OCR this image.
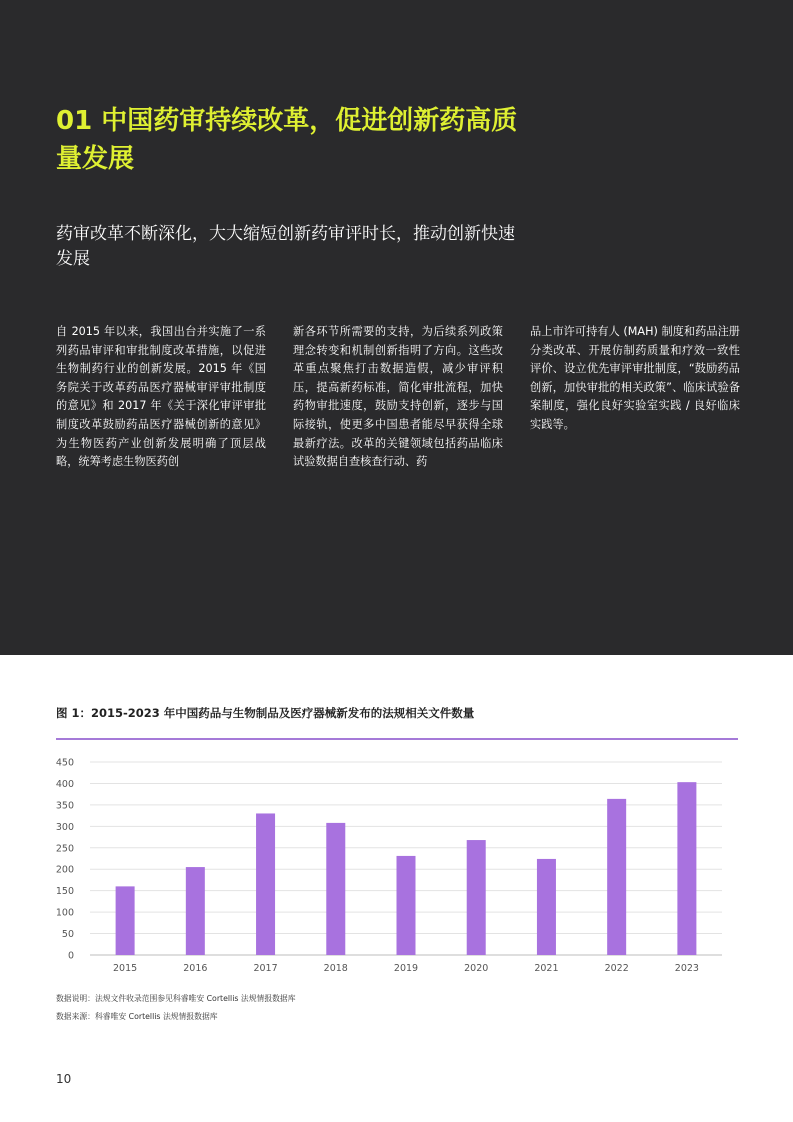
01 中国药审持续改革，促进创新药高质量发展

药审改革不断深化，大大缩短创新药审评时长，推动创新快速发展

自 2015 年以来，我国出台并实施了一系列药品审评和审批制度改革措施，以促进生物制药行业的创新发展。2015 年《国务院关于改革药品医疗器械审评审批制度的意见》和 2017 年《关于深化审评审批制度改革鼓励药品医疗器械创新的意见》为生物医药产业创新发展明确了顶层战略，统筹考虑生物医药创

新各环节所需要的支持，为后续系列政策理念转变和机制创新指明了方向。这些改革重点聚焦打击数据造假，减少审评积压，提高新药标准，简化审批流程，加快药物审批速度，鼓励支持创新，逐步与国际接轨，使更多中国患者能尽早获得全球最新疗法。改革的关键领域包括药品临床试验数据自查核查行动、药

品上市许可持有人 (MAH) 制度和药品注册分类改革、开展仿制药质量和疗效一致性评价、设立优先审评审批制度，“鼓励药品创新，加快审批的相关政策”、临床试验备案制度，强化良好实验室实践 / 良好临床实践等。

图 1：2015-2023 年中国药品与生物制品及医疗器械新发布的法规相关文件数量

0
50
100
150
200
250
300
350
400
450
2015	2016	2017	2018	2019	2020	2021	2022	2023

数据说明：法规文件收录范围参见科睿唯安 Cortellis 法规情报数据库

数据来源：科睿唯安 Cortellis 法规情报数据库

10
